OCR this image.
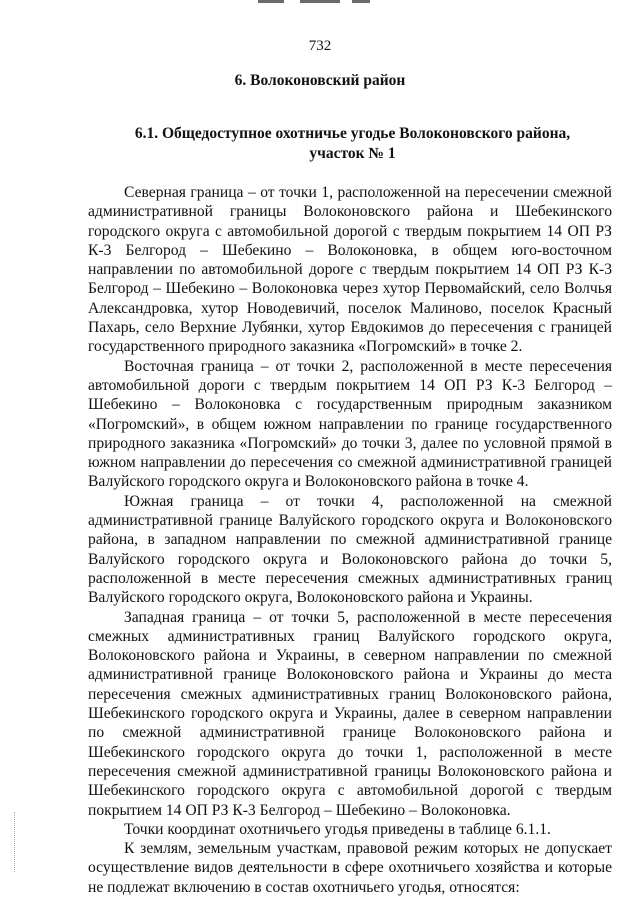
732
6. Волоконовский район
6.1. Общедоступное охотничье угодье Волоконовского района,
участок № 1

Северная граница – от точки 1, расположенной на пересечении смежной административной границы Волоконовского района и Шебекинского городского округа с автомобильной дорогой с твердым покрытием 14 ОП РЗ К-3 Белгород – Шебекино – Волоконовка, в общем юго-восточном направлении по автомобильной дороге с твердым покрытием 14 ОП РЗ К-3 Белгород – Шебекино – Волоконовка через хутор Первомайский, село Волчья Александровка, хутор Новодевичий, поселок Малиново, поселок Красный Пахарь, село Верхние Лубянки, хутор Евдокимов до пересечения с границей государственного природного заказника «Погромский» в точке 2.

Восточная граница – от точки 2, расположенной в месте пересечения автомобильной дороги с твердым покрытием 14 ОП РЗ К-3 Белгород – Шебекино – Волоконовка с государственным природным заказником «Погромский», в общем южном направлении по границе государственного природного заказника «Погромский» до точки 3, далее по условной прямой в южном направлении до пересечения со смежной административной границей Валуйского городского округа и Волоконовского района в точке 4.

Южная граница – от точки 4, расположенной на смежной административной границе Валуйского городского округа и Волоконовского района, в западном направлении по смежной административной границе Валуйского городского округа и Волоконовского района до точки 5, расположенной в месте пересечения смежных административных границ Валуйского городского округа, Волоконовского района и Украины.

Западная граница – от точки 5, расположенной в месте пересечения смежных административных границ Валуйского городского округа, Волоконовского района и Украины, в северном направлении по смежной административной границе Волоконовского района и Украины до места пересечения смежных административных границ Волоконовского района, Шебекинского городского округа и Украины, далее в северном направлении по смежной административной границе Волоконовского района и Шебекинского городского округа до точки 1, расположенной в месте пересечения смежной административной границы Волоконовского района и Шебекинского городского округа с автомобильной дорогой с твердым покрытием 14 ОП РЗ К-3 Белгород – Шебекино – Волоконовка.

Точки координат охотничьего угодья приведены в таблице 6.1.1.

К землям, земельным участкам, правовой режим которых не допускает осуществление видов деятельности в сфере охотничьего хозяйства и которые не подлежат включению в состав охотничьего угодья, относятся:
